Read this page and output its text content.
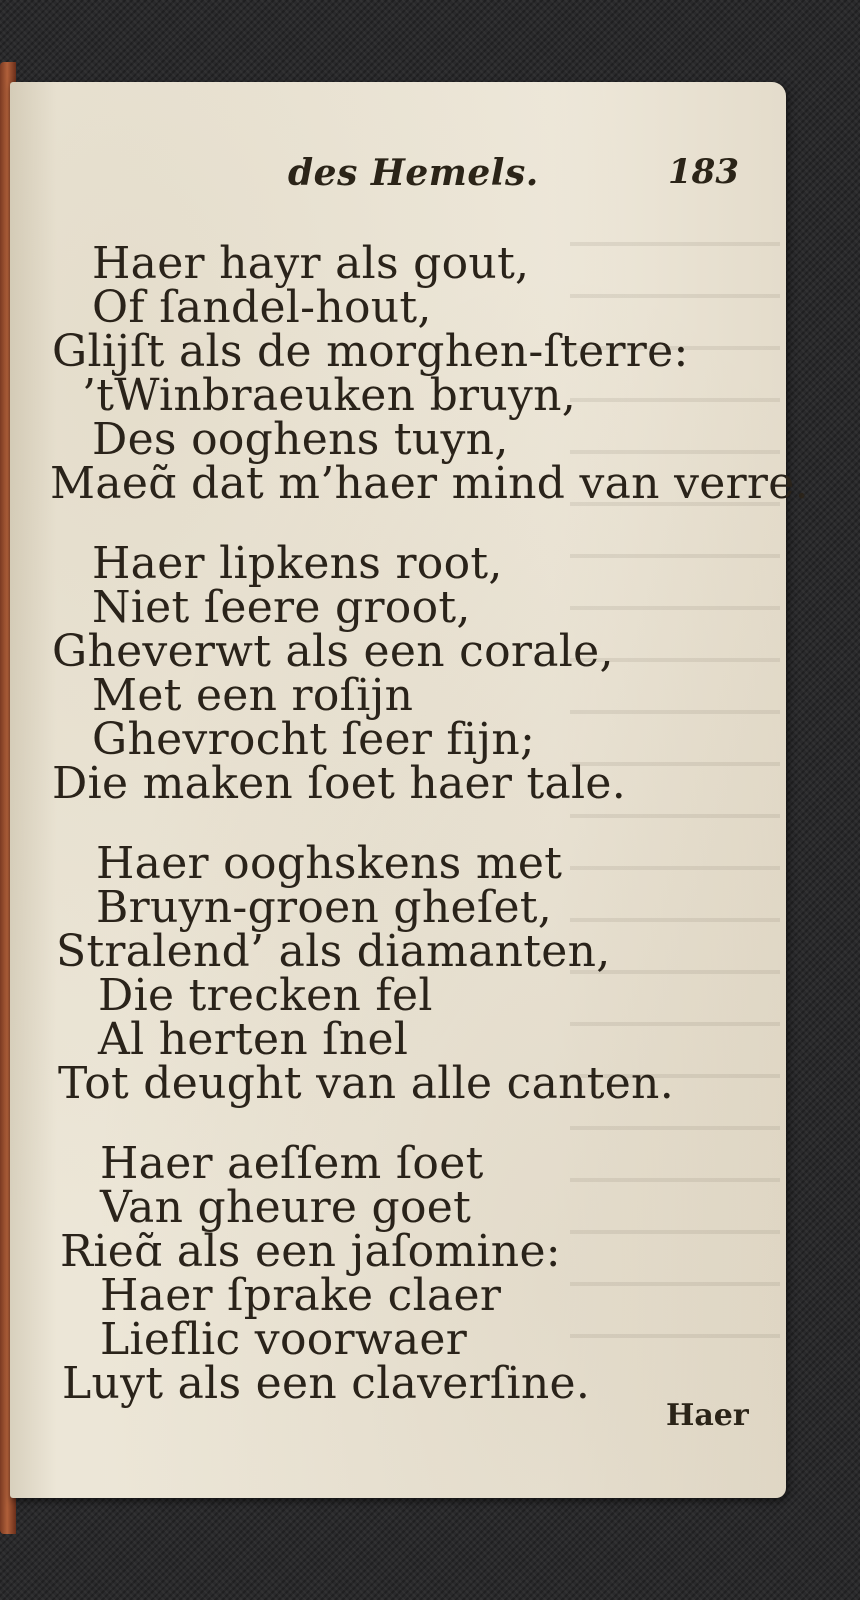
des Hemels.	183
Haer hayr als gout,
Of ſandel-hout,
Glijſt als de morghen-ſterre:
’tWinbraeuken bruyn,
Des ooghens tuyn,
Maeɑ̃ dat m’haer mind van verre.
Haer lipkens root,
Niet ſeere groot,
Gheverwt als een corale,
Met een roſijn
Ghevrocht ſeer fijn;
Die maken ſoet haer tale.
Haer ooghskens met
Bruyn-groen gheſet,
Stralend’ als diamanten,
Die trecken fel
Al herten ſnel
Tot deught van alle canten.
Haer aeſſem ſoet
Van gheure goet
Rieɑ̃ als een jaſomine:
Haer ſprake claer
Lieflic voorwaer
Luyt als een claverſine.
Haer
